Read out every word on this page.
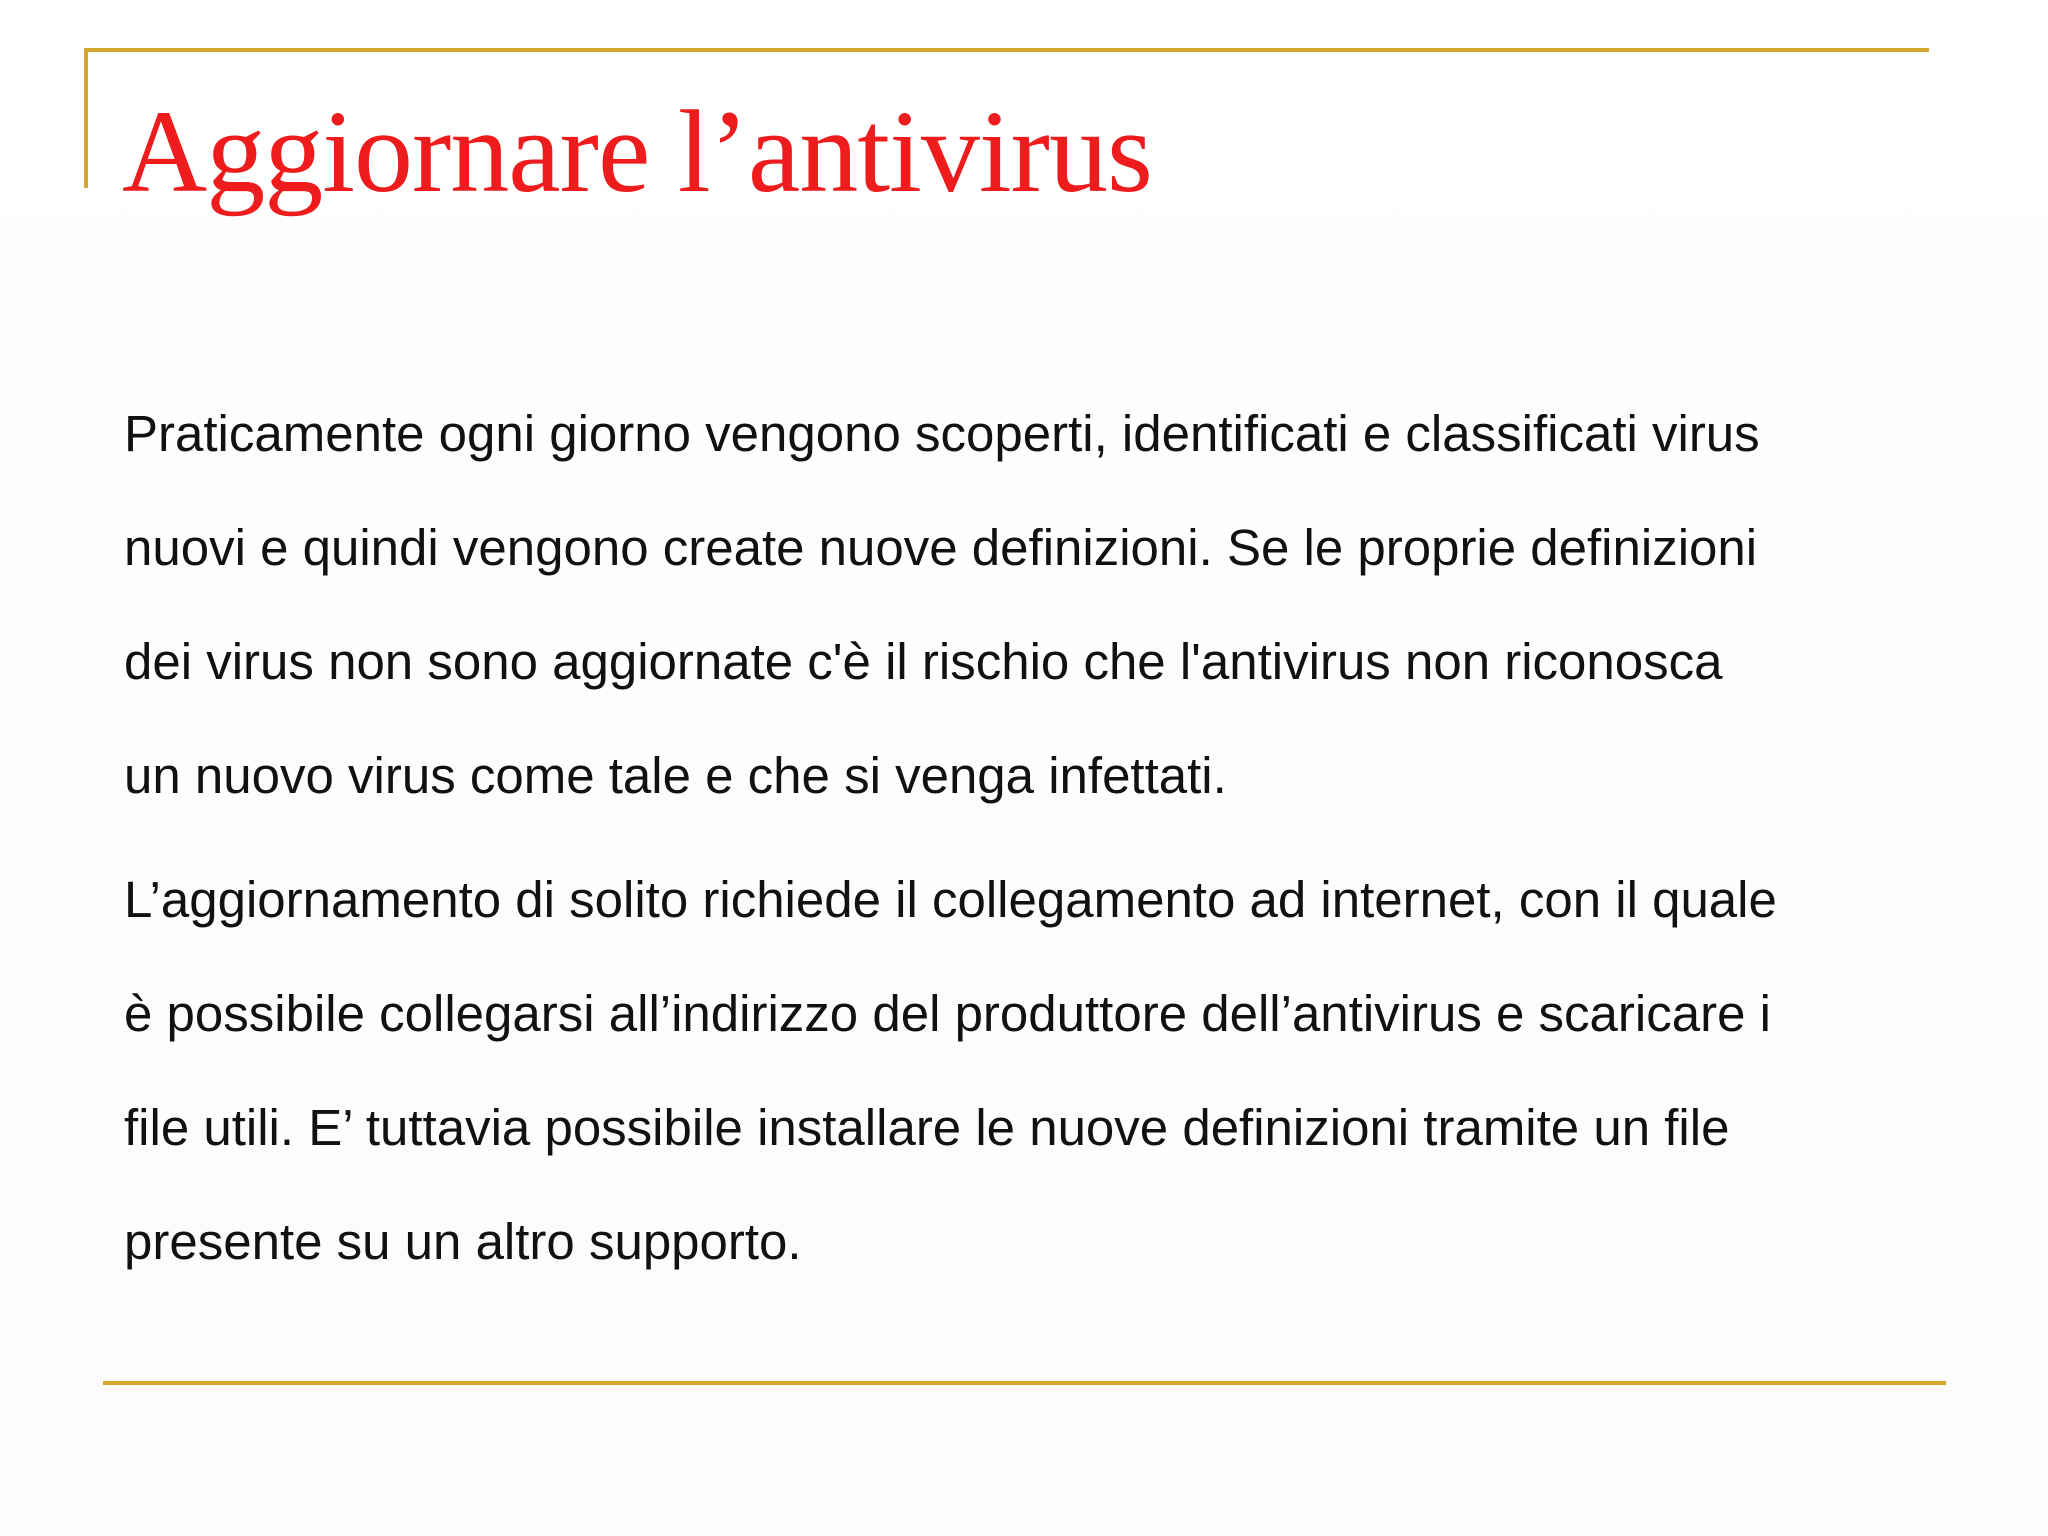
Aggiornare l’antivirus

Praticamente ogni giorno vengono scoperti, identificati e classificati virus
nuovi e quindi vengono create nuove definizioni. Se le proprie definizioni
dei virus non sono aggiornate c'è il rischio che l'antivirus non riconosca
un nuovo virus come tale e che si venga infettati.

L’aggiornamento di solito richiede il collegamento ad internet, con il quale
è possibile collegarsi all’indirizzo del produttore dell’antivirus e scaricare i
file utili. E’ tuttavia possibile installare le nuove definizioni tramite un file
presente su un altro supporto.
